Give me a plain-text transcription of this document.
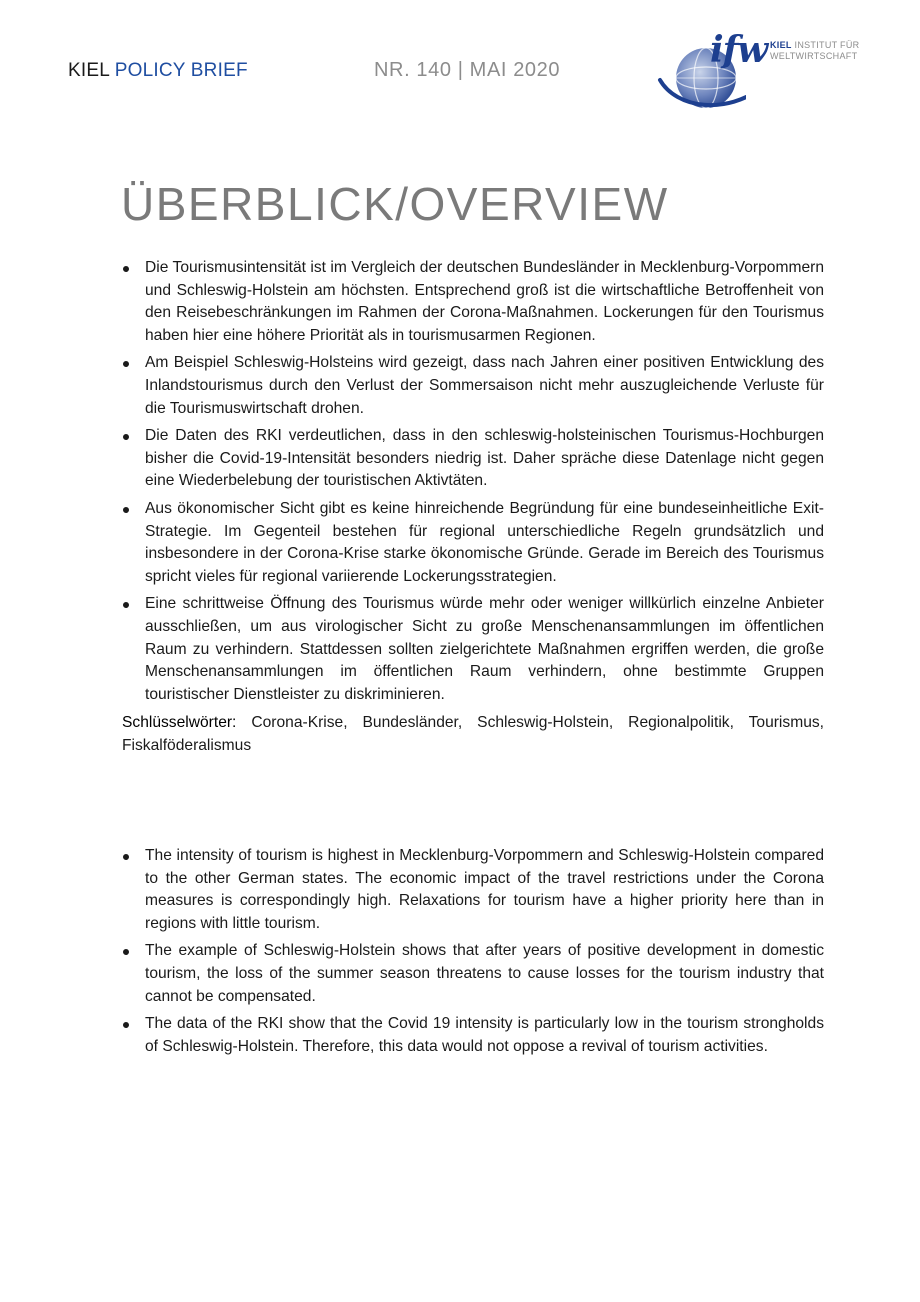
KIEL POLICY BRIEF	NR. 140 | MAI 2020	ifw KIEL INSTITUT FÜR
WELTWIRTSCHAFT
ÜBERBLICK/OVERVIEW
Die Tourismusintensität ist im Vergleich der deutschen Bundesländer in Mecklenburg-Vorpommern und Schleswig-Holstein am höchsten. Entsprechend groß ist die wirtschaftliche Betroffenheit von den Reisebeschränkungen im Rahmen der Corona-Maßnahmen. Lockerungen für den Tourismus haben hier eine höhere Priorität als in tourismusarmen Regionen.
Am Beispiel Schleswig-Holsteins wird gezeigt, dass nach Jahren einer positiven Entwicklung des Inlandstourismus durch den Verlust der Sommersaison nicht mehr auszugleichende Verluste für die Tourismuswirtschaft drohen.
Die Daten des RKI verdeutlichen, dass in den schleswig-holsteinischen Tourismus-Hochburgen bisher die Covid-19-Intensität besonders niedrig ist. Daher spräche diese Datenlage nicht gegen eine Wiederbelebung der touristischen Aktivtäten.
Aus ökonomischer Sicht gibt es keine hinreichende Begründung für eine bundeseinheitliche Exit-Strategie. Im Gegenteil bestehen für regional unterschiedliche Regeln grundsätzlich und insbesondere in der Corona-Krise starke ökonomische Gründe. Gerade im Bereich des Tourismus spricht vieles für regional variierende Lockerungsstrategien.
Eine schrittweise Öffnung des Tourismus würde mehr oder weniger willkürlich einzelne Anbieter ausschließen, um aus virologischer Sicht zu große Menschenansammlungen im öffentlichen Raum zu verhindern. Stattdessen sollten zielgerichtete Maßnahmen ergriffen werden, die große Menschenansammlungen im öffentlichen Raum verhindern, ohne bestimmte Gruppen touristischer Dienstleister zu diskriminieren.
Schlüsselwörter: Corona-Krise, Bundesländer, Schleswig-Holstein, Regionalpolitik, Tourismus, Fiskalföderalismus
The intensity of tourism is highest in Mecklenburg-Vorpommern and Schleswig-Holstein compared to the other German states. The economic impact of the travel restrictions under the Corona measures is correspondingly high. Relaxations for tourism have a higher priority here than in regions with little tourism.
The example of Schleswig-Holstein shows that after years of positive development in domestic tourism, the loss of the summer season threatens to cause losses for the tourism industry that cannot be compensated.
The data of the RKI show that the Covid 19 intensity is particularly low in the tourism strongholds of Schleswig-Holstein. Therefore, this data would not oppose a revival of tourism activities.
